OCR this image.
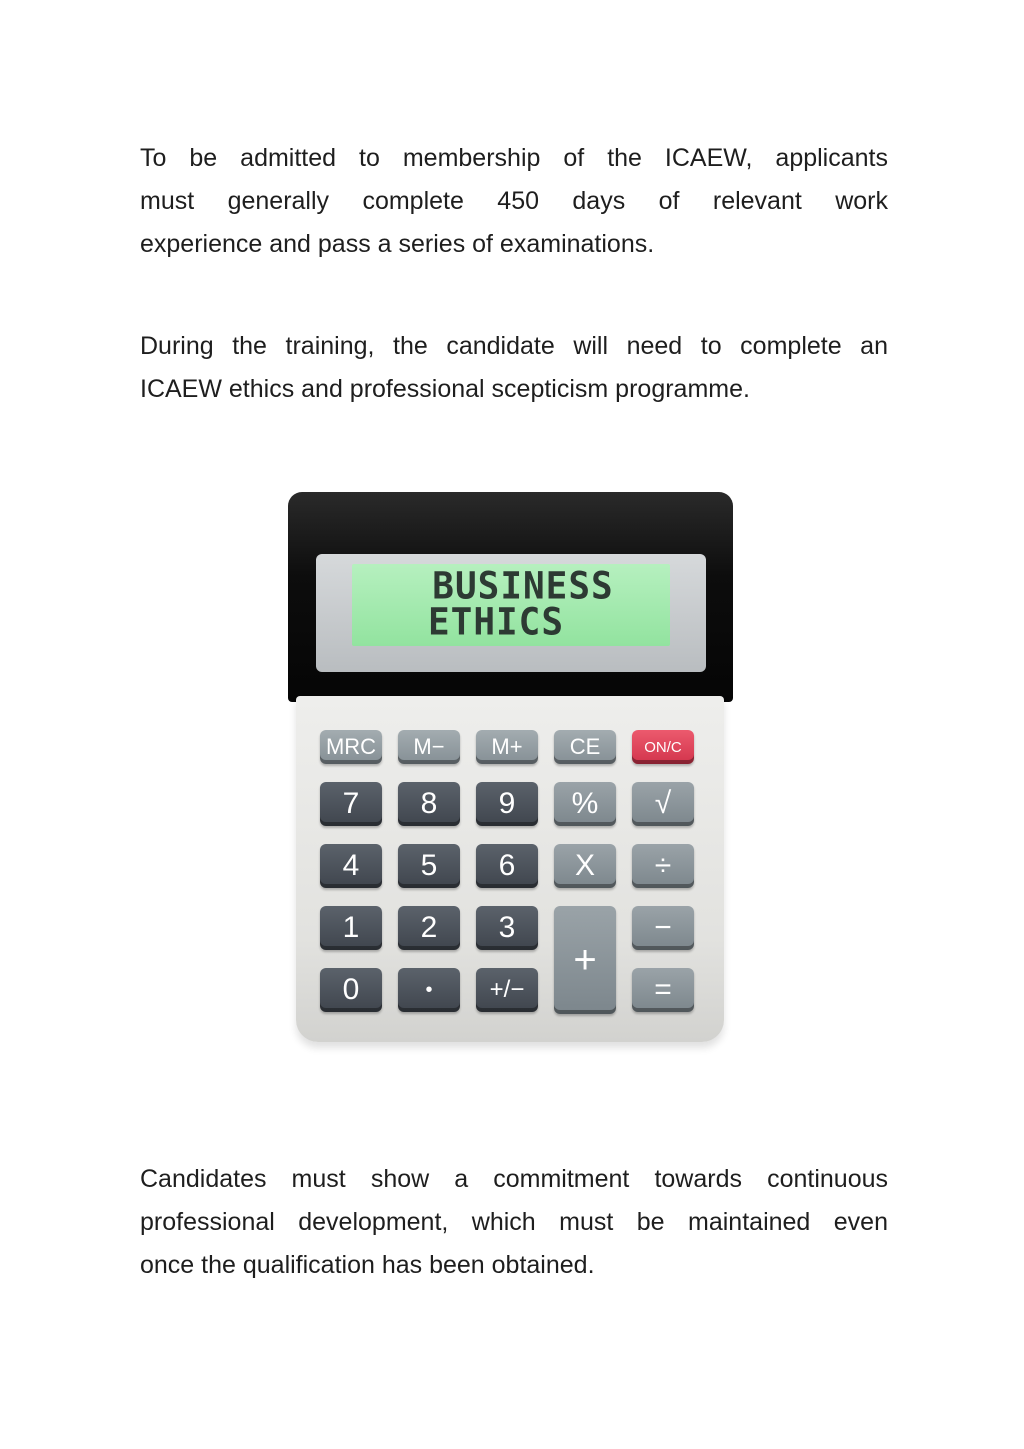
To be admitted to membership of the ICAEW, applicants
must generally complete 450 days of relevant work
experience and pass a series of examinations.

During the training, the candidate will need to complete an
ICAEW ethics and professional scepticism programme.

BUSINESS
ETHICS
MRC	M−	M+	CE	ON/C
7	8	9	%	√
4	5	6	X	÷
1	2	3
+
−
0	•	+/−	=

Candidates must show a commitment towards continuous
professional development, which must be maintained even
once the qualification has been obtained.
